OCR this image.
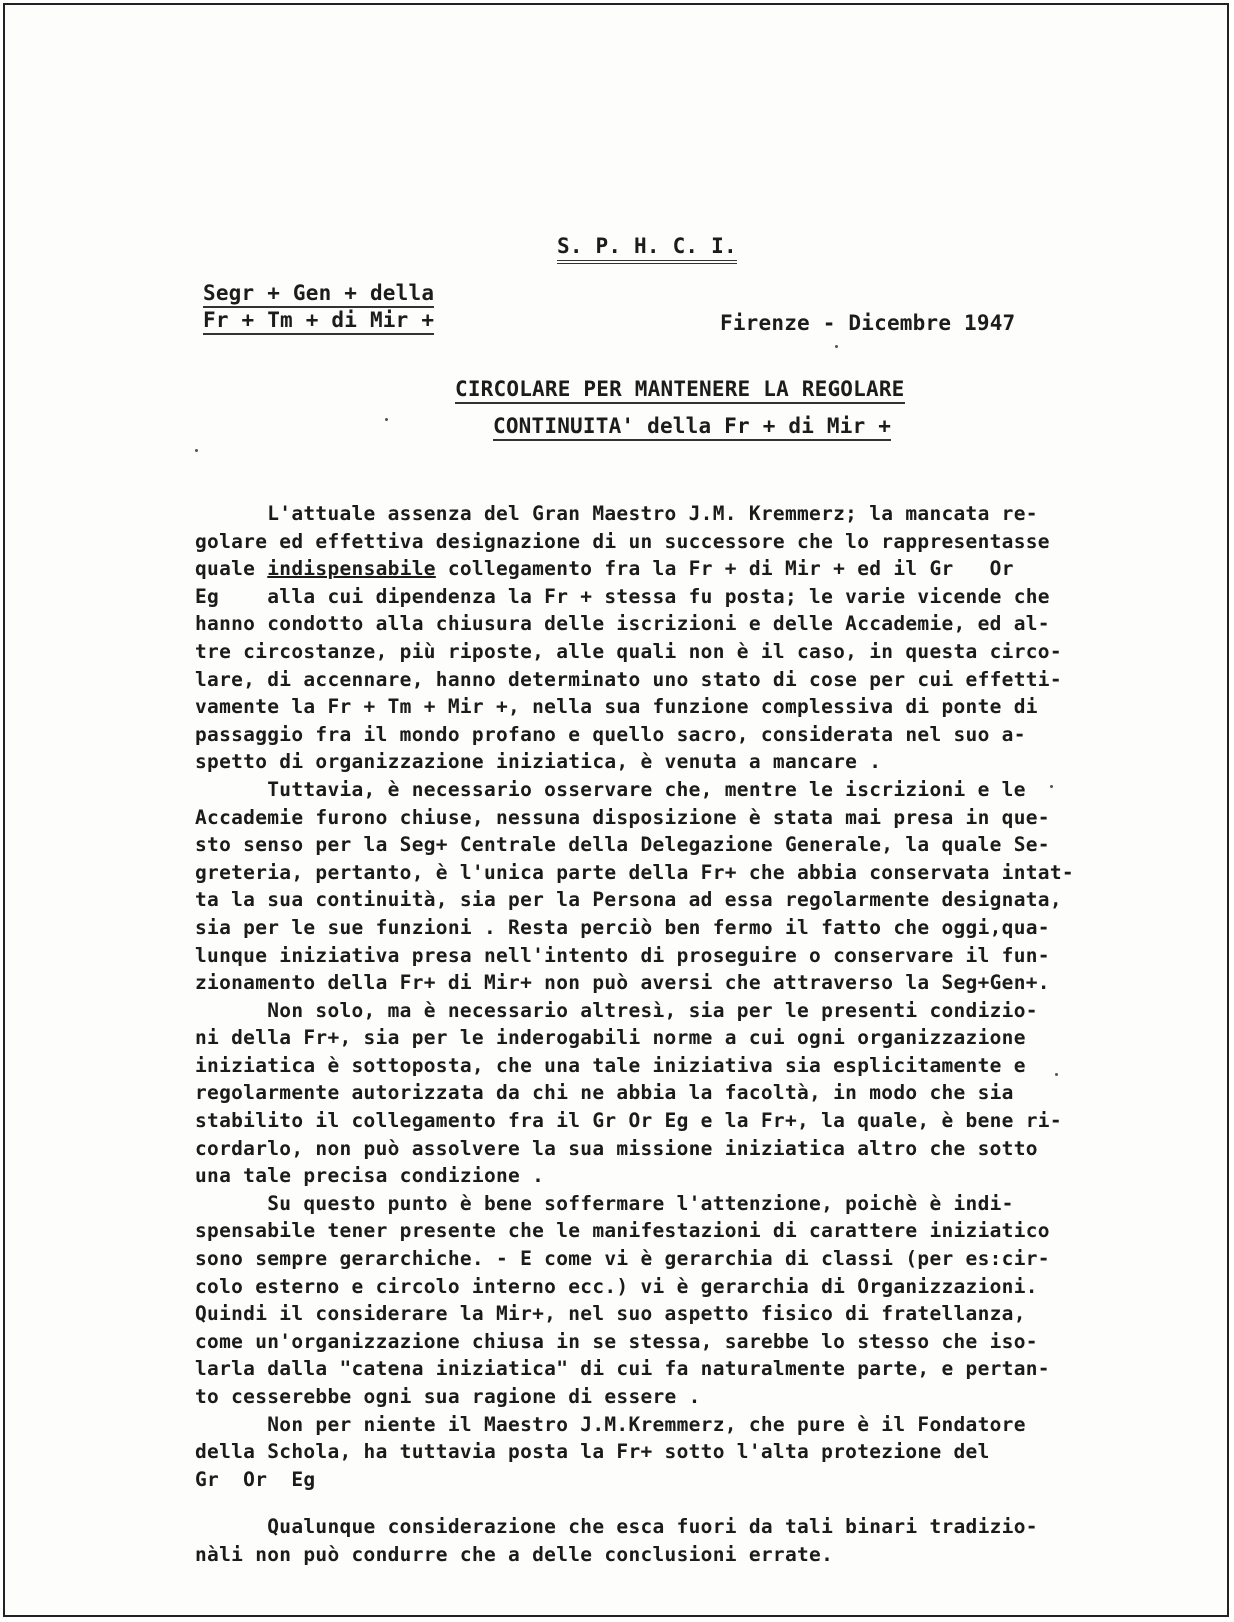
S. P. H. C. I.
Segr + Gen + della
Fr + Tm + di Mir +	Firenze - Dicembre 1947
CIRCOLARE PER MANTENERE LA REGOLARE
CONTINUITA' della Fr + di Mir +
L'attuale assenza del Gran Maestro J.M. Kremmerz; la mancata re-
golare ed effettiva designazione di un successore che lo rappresentasse
quale indispensabile collegamento fra la Fr + di Mir + ed il Gr   Or
Eg    alla cui dipendenza la Fr + stessa fu posta; le varie vicende che
hanno condotto alla chiusura delle iscrizioni e delle Accademie, ed al-
tre circostanze, più riposte, alle quali non è il caso, in questa circo-
lare, di accennare, hanno determinato uno stato di cose per cui effetti-
vamente la Fr + Tm + Mir +, nella sua funzione complessiva di ponte di
passaggio fra il mondo profano e quello sacro, considerata nel suo a-
spetto di organizzazione iniziatica, è venuta a mancare .
Tuttavia, è necessario osservare che, mentre le iscrizioni e le
Accademie furono chiuse, nessuna disposizione è stata mai presa in que-
sto senso per la Seg+ Centrale della Delegazione Generale, la quale Se-
greteria, pertanto, è l'unica parte della Fr+ che abbia conservata intat-
ta la sua continuità, sia per la Persona ad essa regolarmente designata,
sia per le sue funzioni . Resta perciò ben fermo il fatto che oggi,qua-
lunque iniziativa presa nell'intento di proseguire o conservare il fun-
zionamento della Fr+ di Mir+ non può aversi che attraverso la Seg+Gen+.
Non solo, ma è necessario altresì, sia per le presenti condizio-
ni della Fr+, sia per le inderogabili norme a cui ogni organizzazione
iniziatica è sottoposta, che una tale iniziativa sia esplicitamente e
regolarmente autorizzata da chi ne abbia la facoltà, in modo che sia
stabilito il collegamento fra il Gr Or Eg e la Fr+, la quale, è bene ri-
cordarlo, non può assolvere la sua missione iniziatica altro che sotto
una tale precisa condizione .
Su questo punto è bene soffermare l'attenzione, poichè è indi-
spensabile tener presente che le manifestazioni di carattere iniziatico
sono sempre gerarchiche. - E come vi è gerarchia di classi (per es:cir-
colo esterno e circolo interno ecc.) vi è gerarchia di Organizzazioni.
Quindi il considerare la Mir+, nel suo aspetto fisico di fratellanza,
come un'organizzazione chiusa in se stessa, sarebbe lo stesso che iso-
larla dalla "catena iniziatica" di cui fa naturalmente parte, e pertan-
to cesserebbe ogni sua ragione di essere .
Non per niente il Maestro J.M.Kremmerz, che pure è il Fondatore
della Schola, ha tuttavia posta la Fr+ sotto l'alta protezione del
Gr  Or  Eg
Qualunque considerazione che esca fuori da tali binari tradizio-
nàli non può condurre che a delle conclusioni errate.
